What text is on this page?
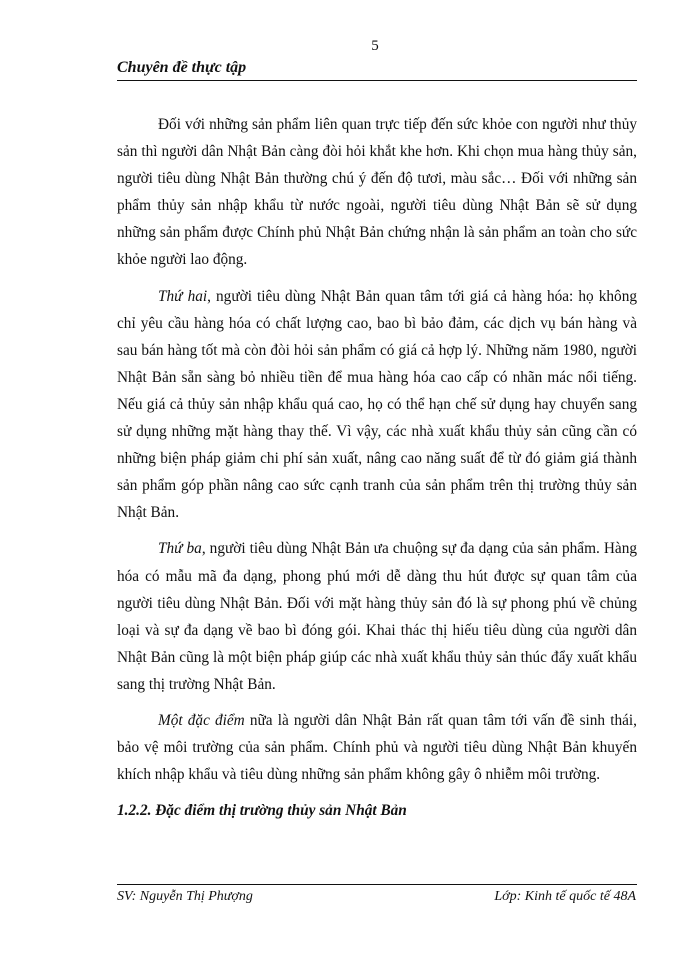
5
Chuyên đề thực tập

Đối với những sản phẩm liên quan trực tiếp đến sức khỏe con người như thủy sản thì người dân Nhật Bản càng đòi hỏi khắt khe hơn. Khi chọn mua hàng thủy sản, người tiêu dùng Nhật Bản thường chú ý đến độ tươi, màu sắc… Đối với những sản phẩm thủy sản nhập khẩu từ nước ngoài, người tiêu dùng Nhật Bản sẽ sử dụng những sản phẩm được Chính phủ Nhật Bản chứng nhận là sản phẩm an toàn cho sức khỏe người lao động.

Thứ hai, người tiêu dùng Nhật Bản quan tâm tới giá cả hàng hóa: họ không chỉ yêu cầu hàng hóa có chất lượng cao, bao bì bảo đảm, các dịch vụ bán hàng và sau bán hàng tốt mà còn đòi hỏi sản phẩm có giá cả hợp lý. Những năm 1980, người Nhật Bản sẵn sàng bỏ nhiều tiền để mua hàng hóa cao cấp có nhãn mác nổi tiếng. Nếu giá cả thủy sản nhập khẩu quá cao, họ có thể hạn chế sử dụng hay chuyển sang sử dụng những mặt hàng thay thế. Vì vậy, các nhà xuất khẩu thủy sản cũng cần có những biện pháp giảm chi phí sản xuất, nâng cao năng suất để từ đó giảm giá thành sản phẩm góp phần nâng cao sức cạnh tranh của sản phẩm trên thị trường thủy sản Nhật Bản.

Thứ ba, người tiêu dùng Nhật Bản ưa chuộng sự đa dạng của sản phẩm. Hàng hóa có mẫu mã đa dạng, phong phú mới dễ dàng thu hút được sự quan tâm của người tiêu dùng Nhật Bản. Đối với mặt hàng thủy sản đó là sự phong phú về chủng loại và sự đa dạng về bao bì đóng gói. Khai thác thị hiếu tiêu dùng của người dân Nhật Bản cũng là một biện pháp giúp các nhà xuất khẩu thủy sản thúc đẩy xuất khẩu sang thị trường Nhật Bản.

Một đặc điểm nữa là người dân Nhật Bản rất quan tâm tới vấn đề sinh thái, bảo vệ môi trường của sản phẩm. Chính phủ và người tiêu dùng Nhật Bản khuyến khích nhập khẩu và tiêu dùng những sản phẩm không gây ô nhiễm môi trường.

1.2.2. Đặc điểm thị trường thủy sản Nhật Bản
SV: Nguyễn Thị Phượng	Lớp: Kinh tế quốc tế 48A
